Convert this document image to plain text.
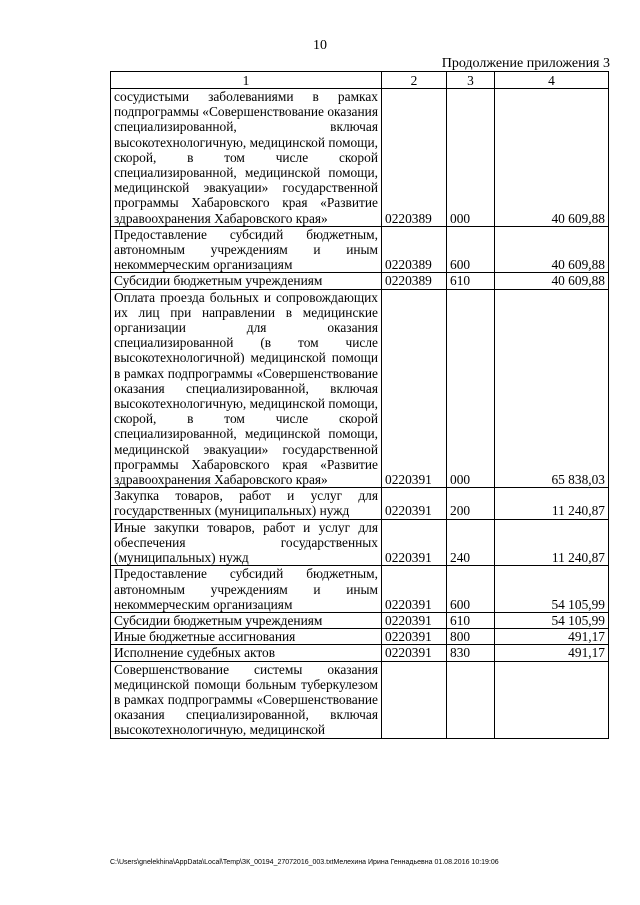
10
Продолжение приложения 3
1	2	3	4
сосудистыми заболеваниями в рамках подпрограммы «Совершенствование оказания специализированной, включая высокотехнологичную, медицинской помощи, скорой, в том числе скорой специализированной, медицинской помощи, медицинской эвакуации» государственной программы Хабаровского края «Развитие здравоохранения Хабаровского края»	0220389	000	40 609,88
Предоставление субсидий бюджетным, автономным учреждениям и иным некоммерческим организациям	0220389	600	40 609,88
Субсидии бюджетным учреждениям	0220389	610	40 609,88
Оплата проезда больных и сопровождающих их лиц при направлении в медицинские организации для оказания специализированной (в том числе высокотехнологичной) медицинской помощи в рамках подпрограммы «Совершенствование оказания специализированной, включая высокотехнологичную, медицинской помощи, скорой, в том числе скорой специализированной, медицинской помощи, медицинской эвакуации» государственной программы Хабаровского края «Развитие здравоохранения Хабаровского края»	0220391	000	65 838,03
Закупка товаров, работ и услуг для государственных (муниципальных) нужд	0220391	200	11 240,87
Иные закупки товаров, работ и услуг для обеспечения государственных (муниципальных) нужд	0220391	240	11 240,87
Предоставление субсидий бюджетным, автономным учреждениям и иным некоммерческим организациям	0220391	600	54 105,99
Субсидии бюджетным учреждениям	0220391	610	54 105,99
Иные бюджетные ассигнования	0220391	800	491,17
Исполнение судебных актов	0220391	830	491,17
Совершенствование системы оказания медицинской помощи больным туберкулезом в рамках подпрограммы «Совершенствование оказания специализированной, включая высокотехнологичную, медицинской			
C:\Users\gnelekhina\AppData\Local\Temp\ЗК_00194_27072016_003.txtМелехина Ирина Геннадьевна 01.08.2016 10:19:06
